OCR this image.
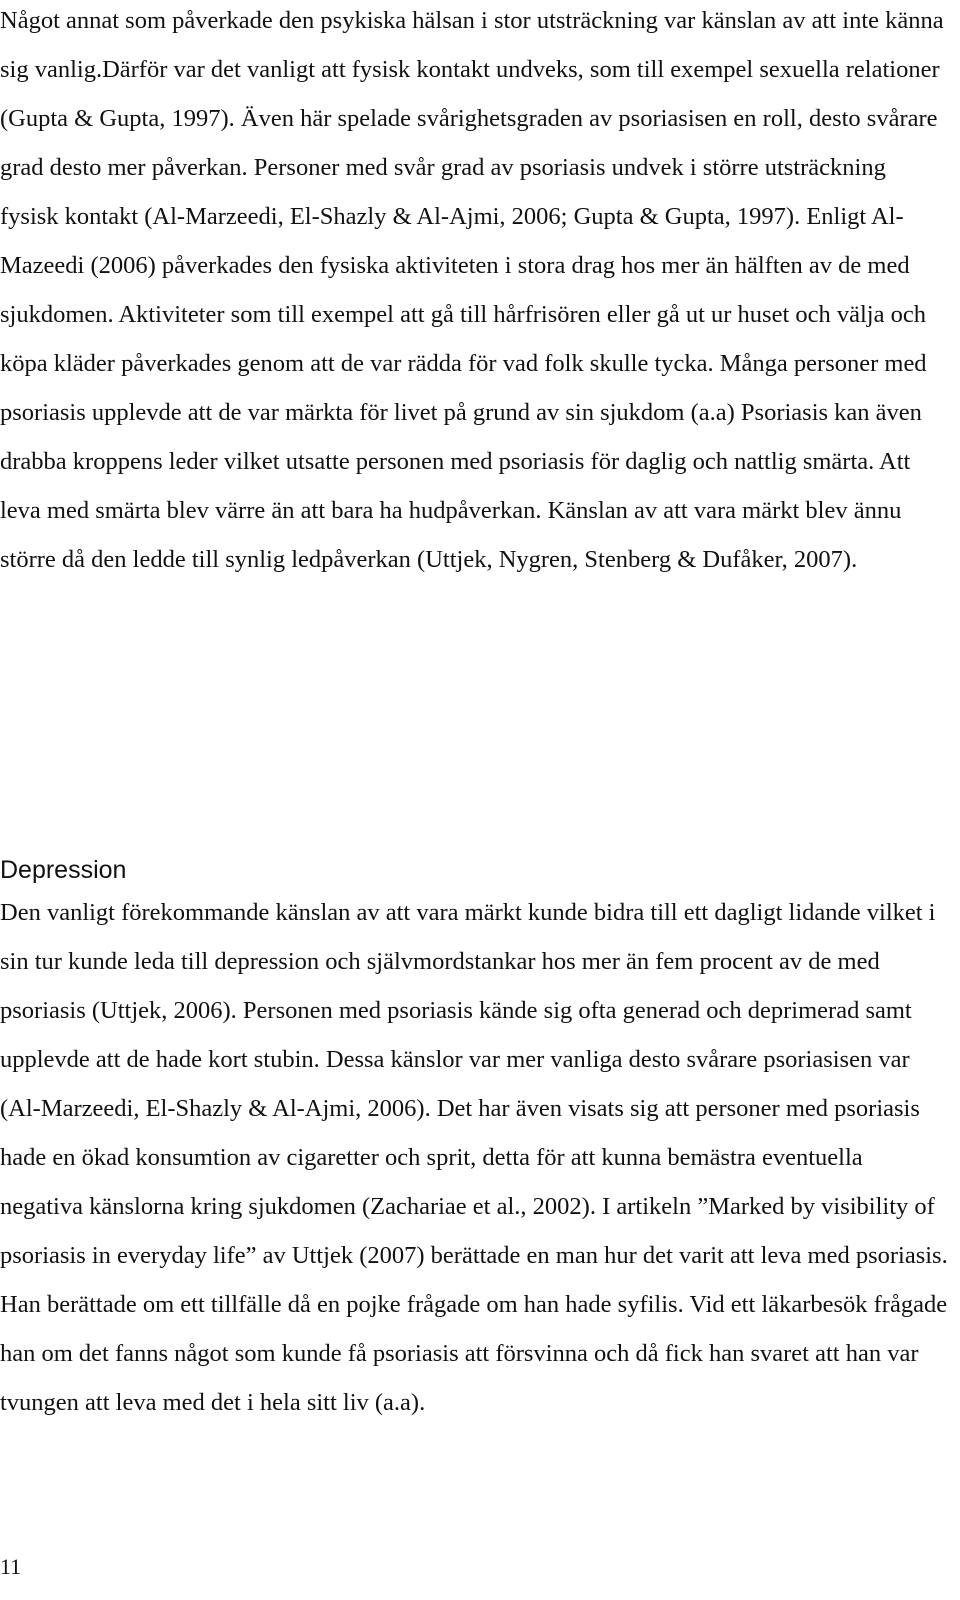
Något annat som påverkade den psykiska hälsan i stor utsträckning var känslan av att inte känna sig vanlig.Därför var det vanligt att fysisk kontakt undveks, som till exempel sexuella relationer (Gupta & Gupta, 1997). Även här spelade svårighetsgraden av psoriasisen en roll, desto svårare grad desto mer påverkan. Personer med svår grad av psoriasis undvek i större utsträckning fysisk kontakt (Al-Marzeedi, El-Shazly & Al-Ajmi, 2006; Gupta & Gupta, 1997). Enligt Al-Mazeedi (2006) påverkades den fysiska aktiviteten i stora drag hos mer än hälften av de med sjukdomen. Aktiviteter som till exempel att gå till hårfrisören eller gå ut ur huset och välja och köpa kläder påverkades genom att de var rädda för vad folk skulle tycka. Många personer med psoriasis upplevde att de var märkta för livet på grund av sin sjukdom (a.a) Psoriasis kan även drabba kroppens leder vilket utsatte personen med psoriasis för daglig och nattlig smärta. Att leva med smärta blev värre än att bara ha hudpåverkan. Känslan av att vara märkt blev ännu större då den ledde till synlig ledpåverkan (Uttjek, Nygren, Stenberg & Dufåker, 2007).

Depression

Den vanligt förekommande känslan av att vara märkt kunde bidra till ett dagligt lidande vilket i sin tur kunde leda till depression och självmordstankar hos mer än fem procent av de med psoriasis (Uttjek, 2006). Personen med psoriasis kände sig ofta generad och deprimerad samt upplevde att de hade kort stubin. Dessa känslor var mer vanliga desto svårare psoriasisen var (Al-Marzeedi, El-Shazly & Al-Ajmi, 2006). Det har även visats sig att personer med psoriasis hade en ökad konsumtion av cigaretter och sprit, detta för att kunna bemästra eventuella negativa känslorna kring sjukdomen (Zachariae et al., 2002). I artikeln ”Marked by visibility of psoriasis in everyday life” av Uttjek (2007) berättade en man hur det varit att leva med psoriasis. Han berättade om ett tillfälle då en pojke frågade om han hade syfilis. Vid ett läkarbesök frågade han om det fanns något som kunde få psoriasis att försvinna och då fick han svaret att han var tvungen att leva med det i hela sitt liv (a.a).

11
